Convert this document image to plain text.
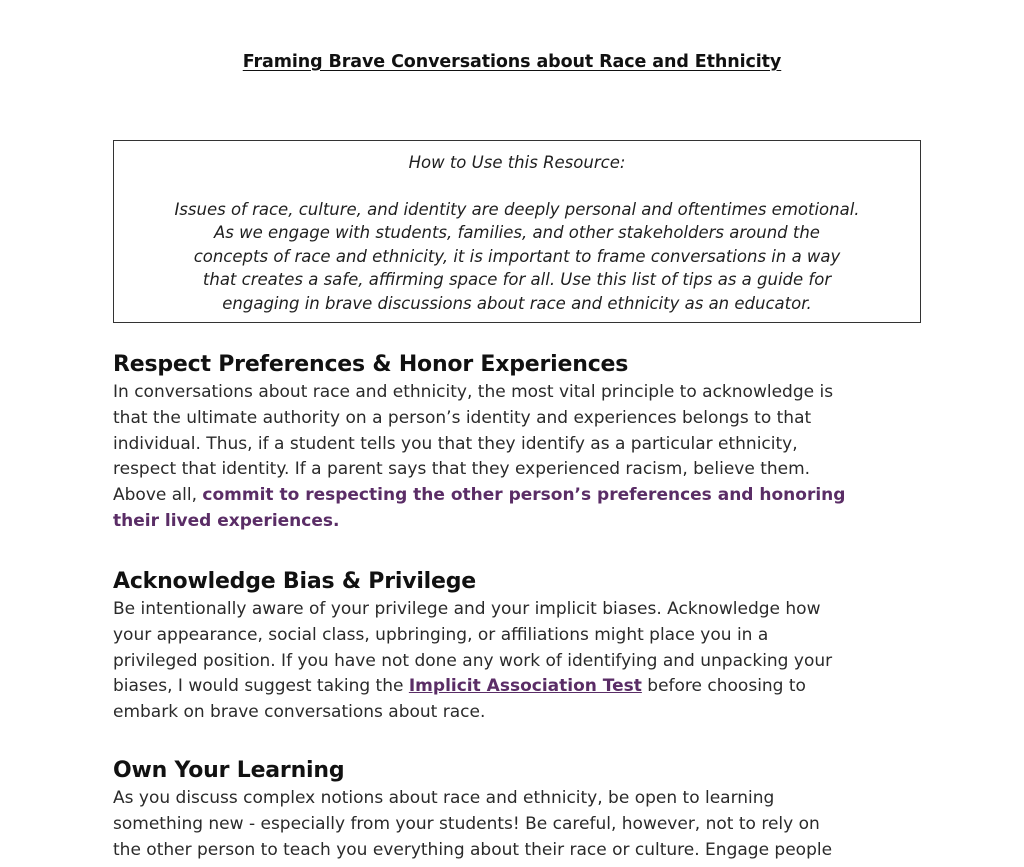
Framing Brave Conversations about Race and Ethnicity
How to Use this Resource:
Issues of race, culture, and identity are deeply personal and oftentimes emotional.
As we engage with students, families, and other stakeholders around the
concepts of race and ethnicity, it is important to frame conversations in a way
that creates a safe, affirming space for all. Use this list of tips as a guide for
engaging in brave discussions about race and ethnicity as an educator.
Respect Preferences & Honor Experiences
In conversations about race and ethnicity, the most vital principle to acknowledge is
that the ultimate authority on a person’s identity and experiences belongs to that
individual. Thus, if a student tells you that they identify as a particular ethnicity,
respect that identity. If a parent says that they experienced racism, believe them.
Above all, commit to respecting the other person’s preferences and honoring
their lived experiences.
Acknowledge Bias & Privilege
Be intentionally aware of your privilege and your implicit biases. Acknowledge how
your appearance, social class, upbringing, or affiliations might place you in a
privileged position. If you have not done any work of identifying and unpacking your
biases, I would suggest taking the Implicit Association Test before choosing to
embark on brave conversations about race.
Own Your Learning
As you discuss complex notions about race and ethnicity, be open to learning
something new - especially from your students! Be careful, however, not to rely on
the other person to teach you everything about their race or culture. Engage people
